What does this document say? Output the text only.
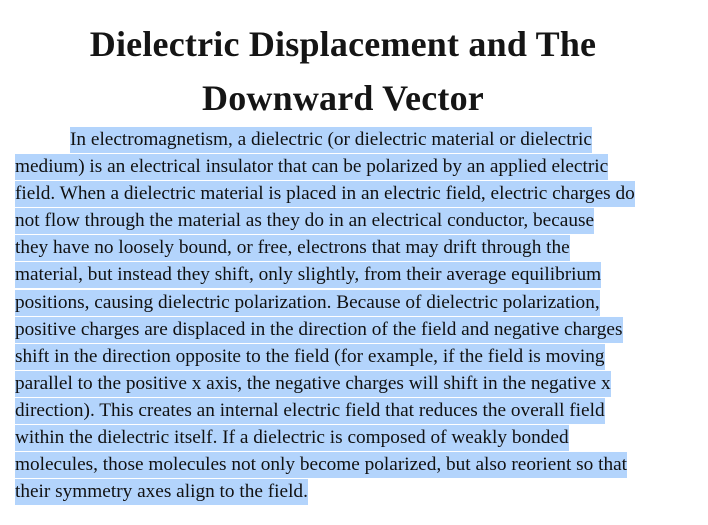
Dielectric Displacement and The
Downward Vector
In electromagnetism, a dielectric (or dielectric material or dielectric
medium) is an electrical insulator that can be polarized by an applied electric
field. When a dielectric material is placed in an electric field, electric charges do
not flow through the material as they do in an electrical conductor, because
they have no loosely bound, or free, electrons that may drift through the
material, but instead they shift, only slightly, from their average equilibrium
positions, causing dielectric polarization. Because of dielectric polarization,
positive charges are displaced in the direction of the field and negative charges
shift in the direction opposite to the field (for example, if the field is moving
parallel to the positive x axis, the negative charges will shift in the negative x
direction). This creates an internal electric field that reduces the overall field
within the dielectric itself. If a dielectric is composed of weakly bonded
molecules, those molecules not only become polarized, but also reorient so that
their symmetry axes align to the field.
